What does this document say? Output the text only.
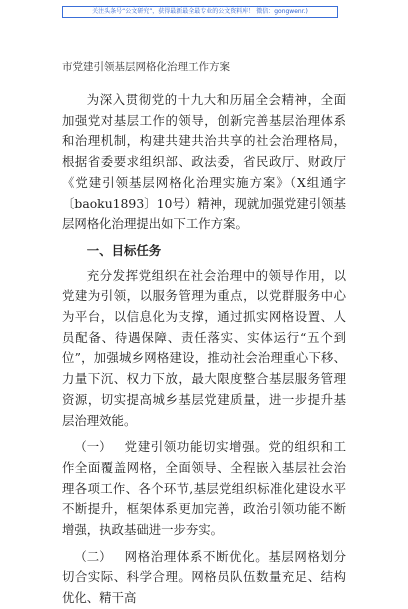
关注头条号“公文研究”，获得最新最全最专业的公文资料库！ 微信：gongwenr.)
市党建引领基层网格化治理工作方案

为深入贯彻党的十九大和历届全会精神，全面加强党对基层工作的领导，创新完善基层治理体系和治理机制，构建共建共治共享的社会治理格局，根据省委要求组织部、政法委，省民政厅、财政厅《党建引领基层网格化治理实施方案》（X组通字〔baoku1893〕10号）精神，现就加强党建引领基层网格化治理提出如下工作方案。

一、目标任务

充分发挥党组织在社会治理中的领导作用，以党建为引领，以服务管理为重点，以党群服务中心为平台，以信息化为支撑，通过抓实网格设置、人员配备、待遇保障、责任落实、实体运行“五个到位”，加强城乡网格建设，推动社会治理重心下移、力量下沉、权力下放，最大限度整合基层服务管理资源，切实提高城乡基层党建质量，进一步提升基层治理效能。

（一） 党建引领功能切实增强。党的组织和工作全面覆盖网格，全面领导、全程嵌入基层社会治理各项工作、各个环节,基层党组织标准化建设水平不断提升，框架体系更加完善，政治引领功能不断增强，执政基础进一步夯实。

（二） 网格治理体系不断优化。基层网格划分切合实际、科学合理。网格员队伍数量充足、结构优化、精干高
